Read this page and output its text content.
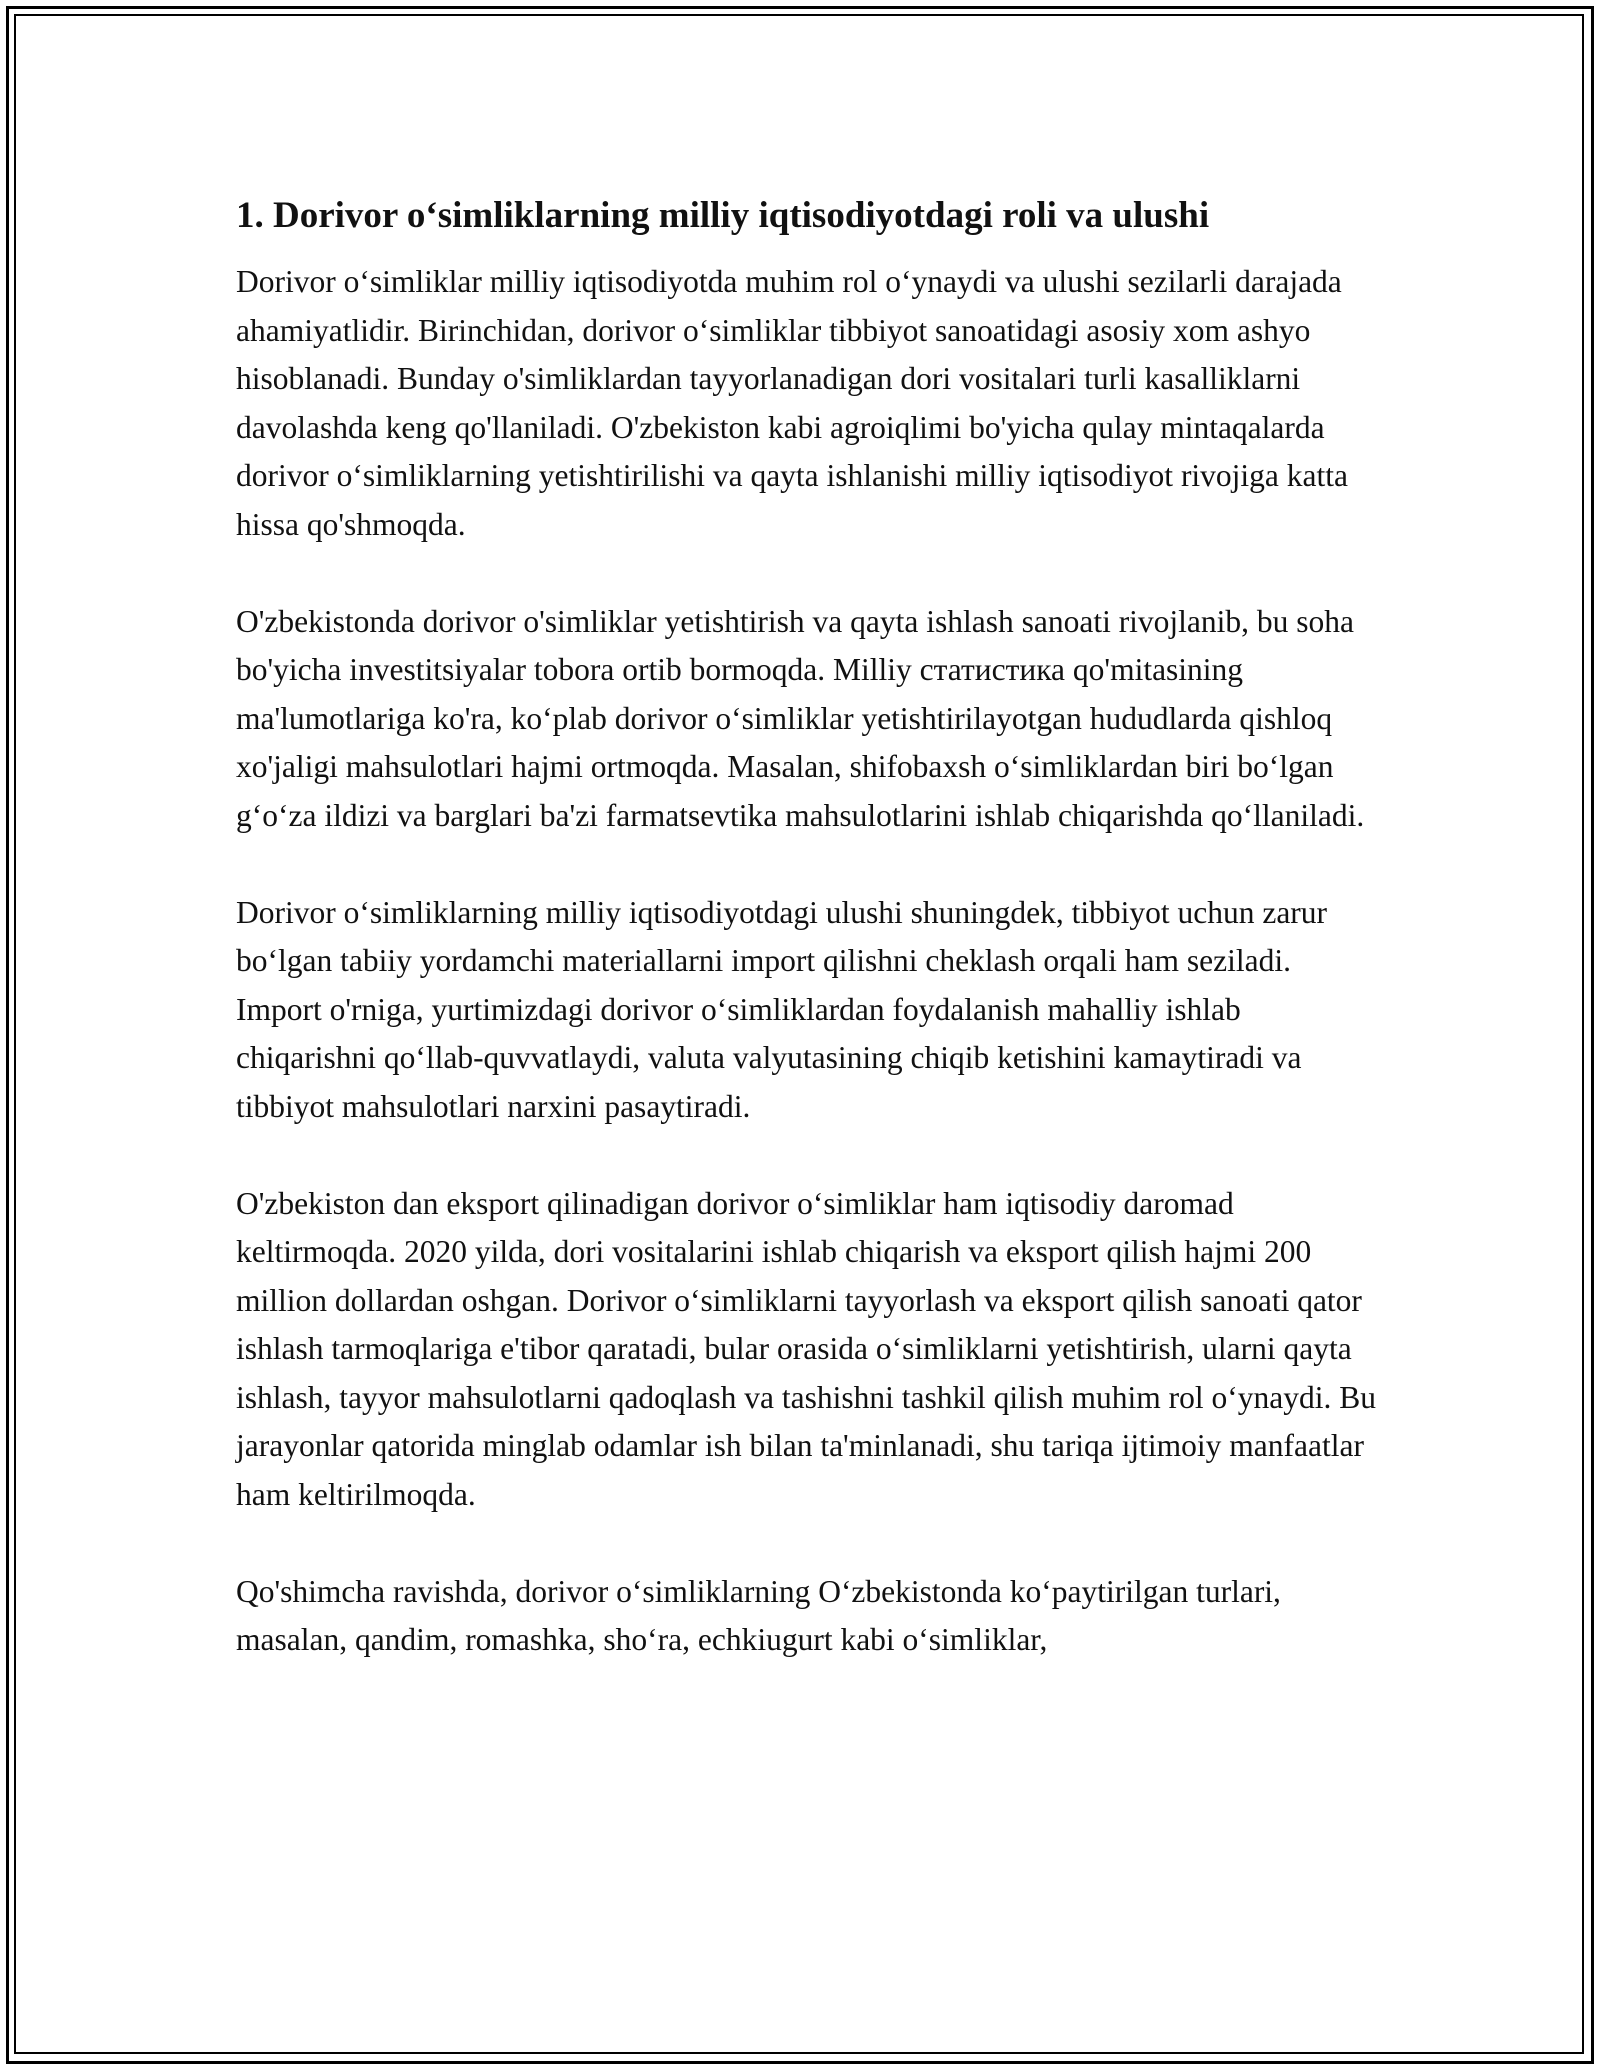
1. Dorivor o‘simliklarning milliy iqtisodiyotdagi roli va ulushi

Dorivor o‘simliklar milliy iqtisodiyotda muhim rol o‘ynaydi va ulushi sezilarli darajada ahamiyatlidir. Birinchidan, dorivor o‘simliklar tibbiyot sanoatidagi asosiy xom ashyo hisoblanadi. Bunday o'simliklardan tayyorlanadigan dori vositalari turli kasalliklarni davolashda keng qo'llaniladi. O'zbekiston kabi agroiqlimi bo'yicha qulay mintaqalarda dorivor o‘simliklarning yetishtirilishi va qayta ishlanishi milliy iqtisodiyot rivojiga katta hissa qo'shmoqda.

O'zbekistonda dorivor o'simliklar yetishtirish va qayta ishlash sanoati rivojlanib, bu soha bo'yicha investitsiyalar tobora ortib bormoqda. Milliy статистика qo'mitasining ma'lumotlariga ko'ra, ko‘plab dorivor o‘simliklar yetishtirilayotgan hududlarda qishloq xo'jaligi mahsulotlari hajmi ortmoqda. Masalan, shifobaxsh o‘simliklardan biri bo‘lgan g‘o‘za ildizi va barglari ba'zi farmatsevtika mahsulotlarini ishlab chiqarishda qo‘llaniladi.

Dorivor o‘simliklarning milliy iqtisodiyotdagi ulushi shuningdek, tibbiyot uchun zarur bo‘lgan tabiiy yordamchi materiallarni import qilishni cheklash orqali ham seziladi. Import o'rniga, yurtimizdagi dorivor o‘simliklardan foydalanish mahalliy ishlab chiqarishni qo‘llab-quvvatlaydi, valuta valyutasining chiqib ketishini kamaytiradi va tibbiyot mahsulotlari narxini pasaytiradi.

O'zbekiston dan eksport qilinadigan dorivor o‘simliklar ham iqtisodiy daromad keltirmoqda. 2020 yilda, dori vositalarini ishlab chiqarish va eksport qilish hajmi 200 million dollardan oshgan. Dorivor o‘simliklarni tayyorlash va eksport qilish sanoati qator ishlash tarmoqlariga e'tibor qaratadi, bular orasida o‘simliklarni yetishtirish, ularni qayta ishlash, tayyor mahsulotlarni qadoqlash va tashishni tashkil qilish muhim rol o‘ynaydi. Bu jarayonlar qatorida minglab odamlar ish bilan ta'minlanadi, shu tariqa ijtimoiy manfaatlar ham keltirilmoqda.

Qo'shimcha ravishda, dorivor o‘simliklarning O‘zbekistonda ko‘paytirilgan turlari, masalan, qandim, romashka, sho‘ra, echkiugurt kabi o‘simliklar,
